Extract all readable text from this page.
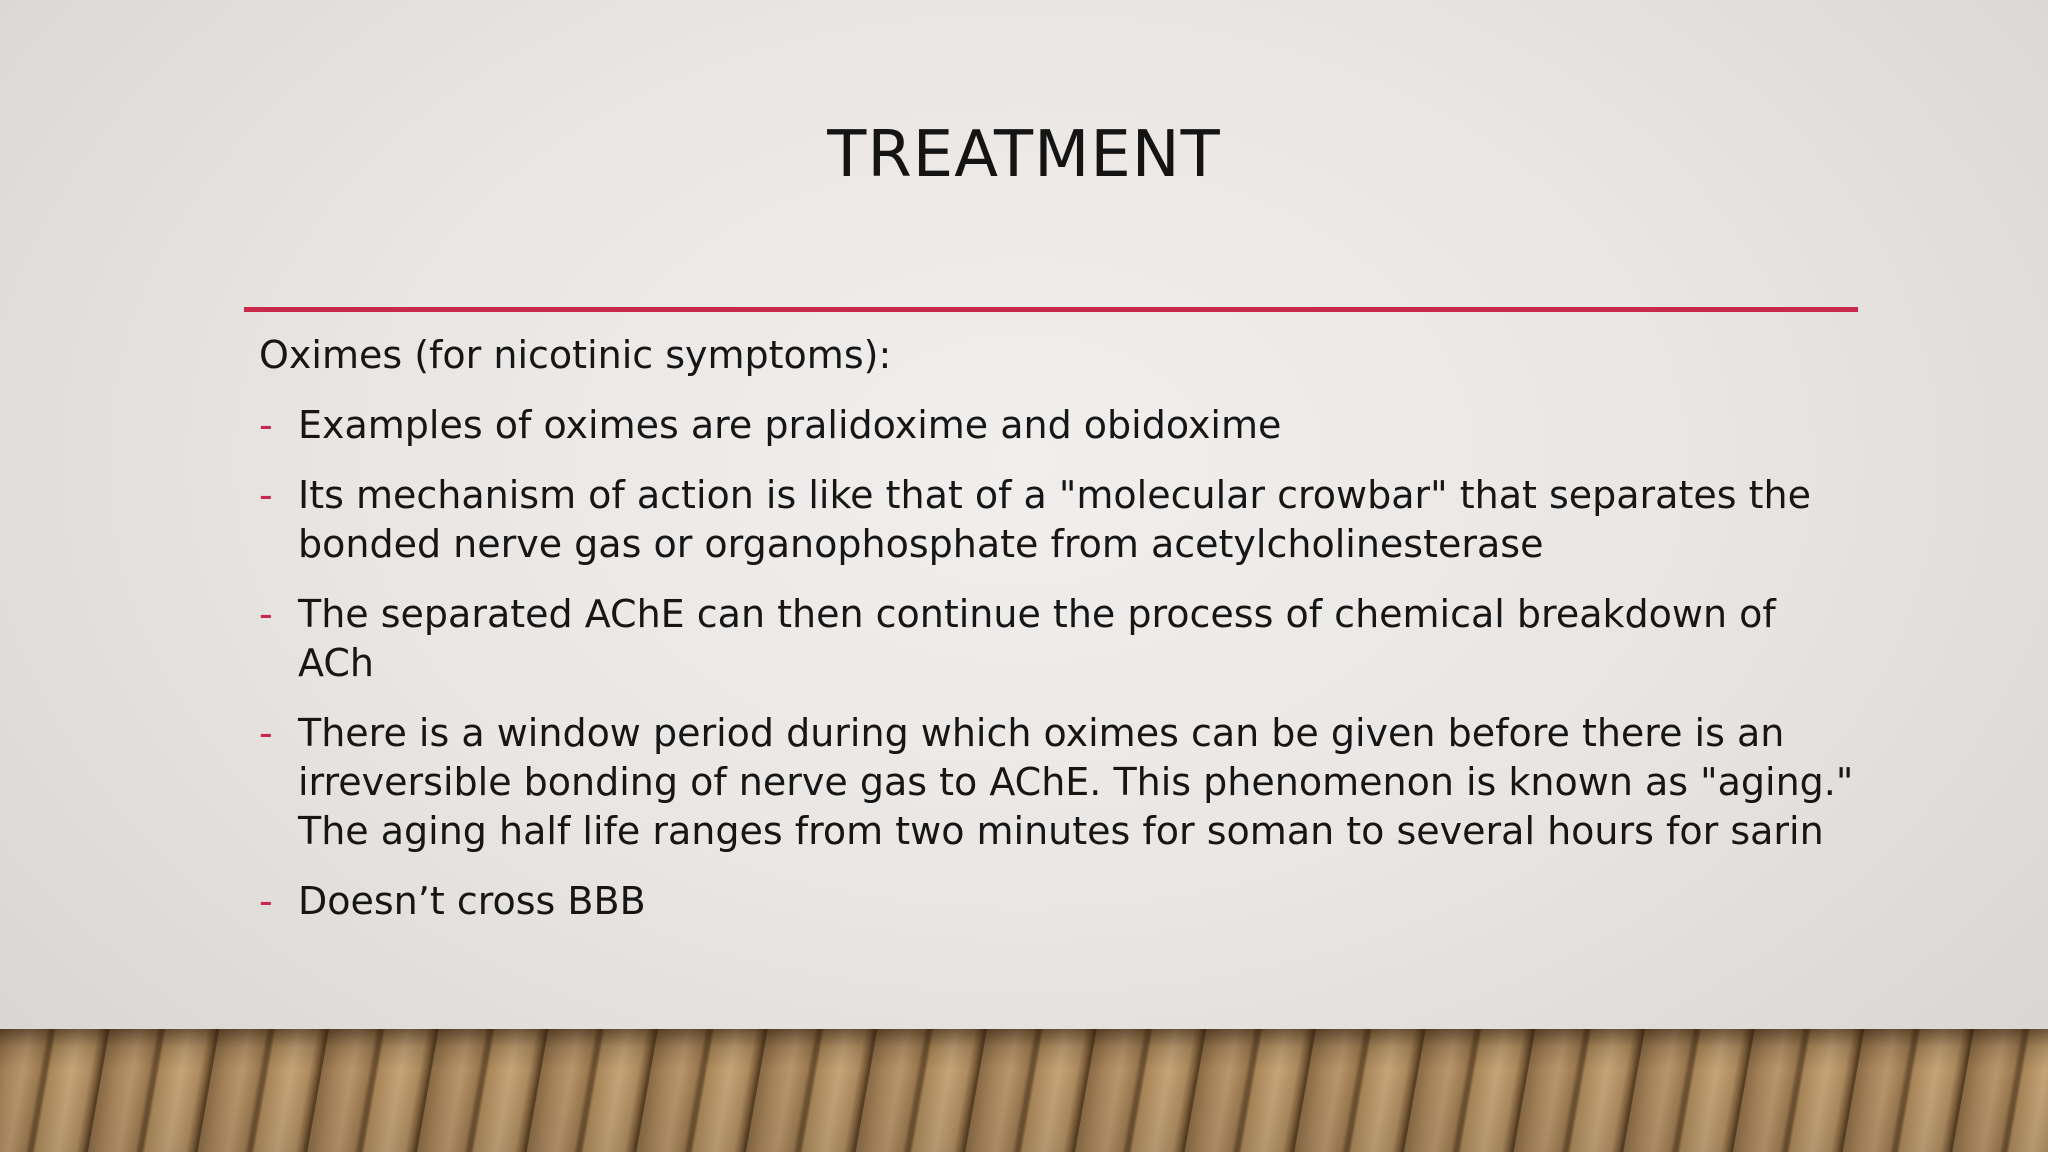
TREATMENT

Oximes (for nicotinic symptoms):

- Examples of oximes are pralidoxime and obidoxime
- Its mechanism of action is like that of a "molecular crowbar" that separates the bonded nerve gas or organophosphate from acetylcholinesterase
- The separated AChE can then continue the process of chemical breakdown of ACh
- There is a window period during which oximes can be given before there is an irreversible bonding of nerve gas to AChE. This phenomenon is known as "aging." The aging half life ranges from two minutes for soman to several hours for sarin
- Doesn’t cross BBB
